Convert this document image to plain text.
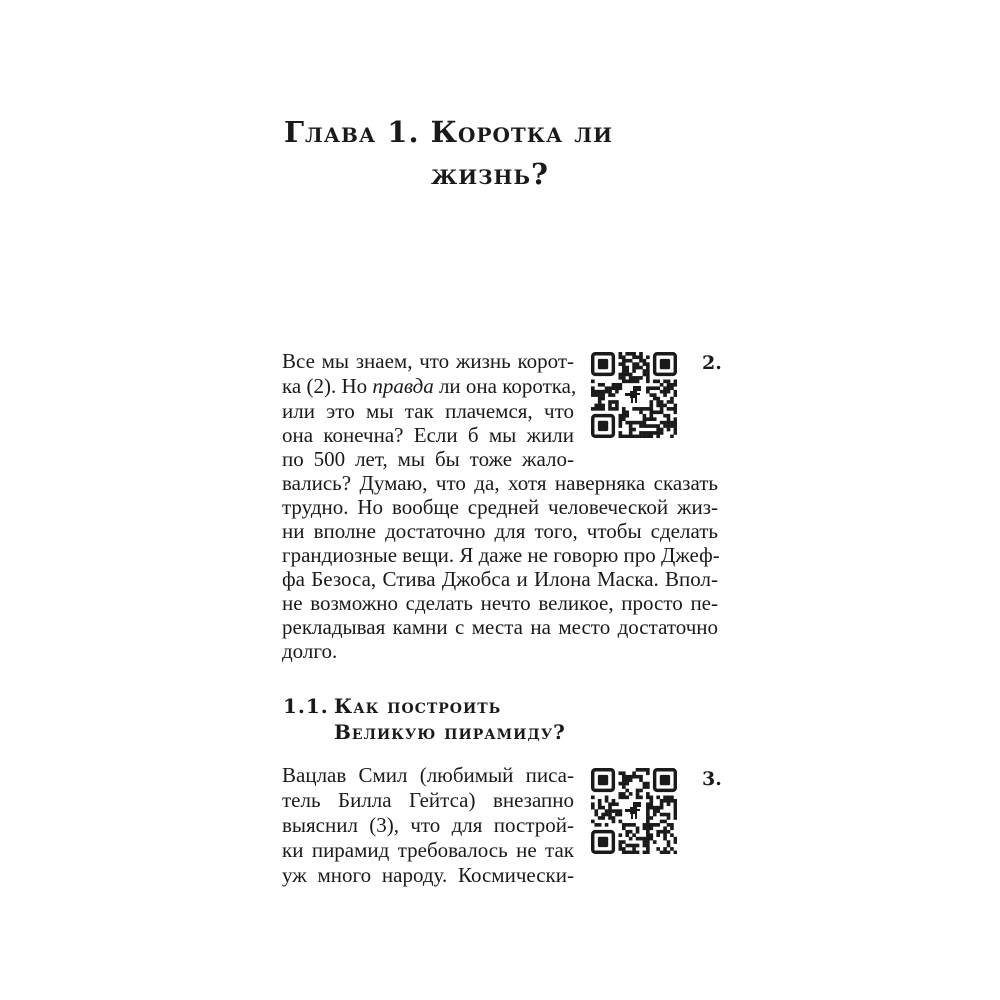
Глава 1. Коротка ли
жизнь?
Все мы знаем, что жизнь корот-
ка (2). Но правда ли она коротка,
или это мы так плачемся, что
она конечна? Если б мы жили
по 500 лет, мы бы тоже жало-
вались? Думаю, что да, хотя наверняка сказать
трудно. Но вообще средней человеческой жиз-
ни вполне достаточно для того, чтобы сделать
грандиозные вещи. Я даже не говорю про Джеф-
фа Безоса, Стива Джобса и Илона Маска. Впол-
не возможно сделать нечто великое, просто пе-
рекладывая камни с места на место достаточно
долго.
2.
1.1. Как построить
Великую пирамиду?
Вацлав Смил (любимый писа-
тель Билла Гейтса) внезапно
выяснил (3), что для построй-
ки пирамид требовалось не так
уж много народу. Космически-
3.
